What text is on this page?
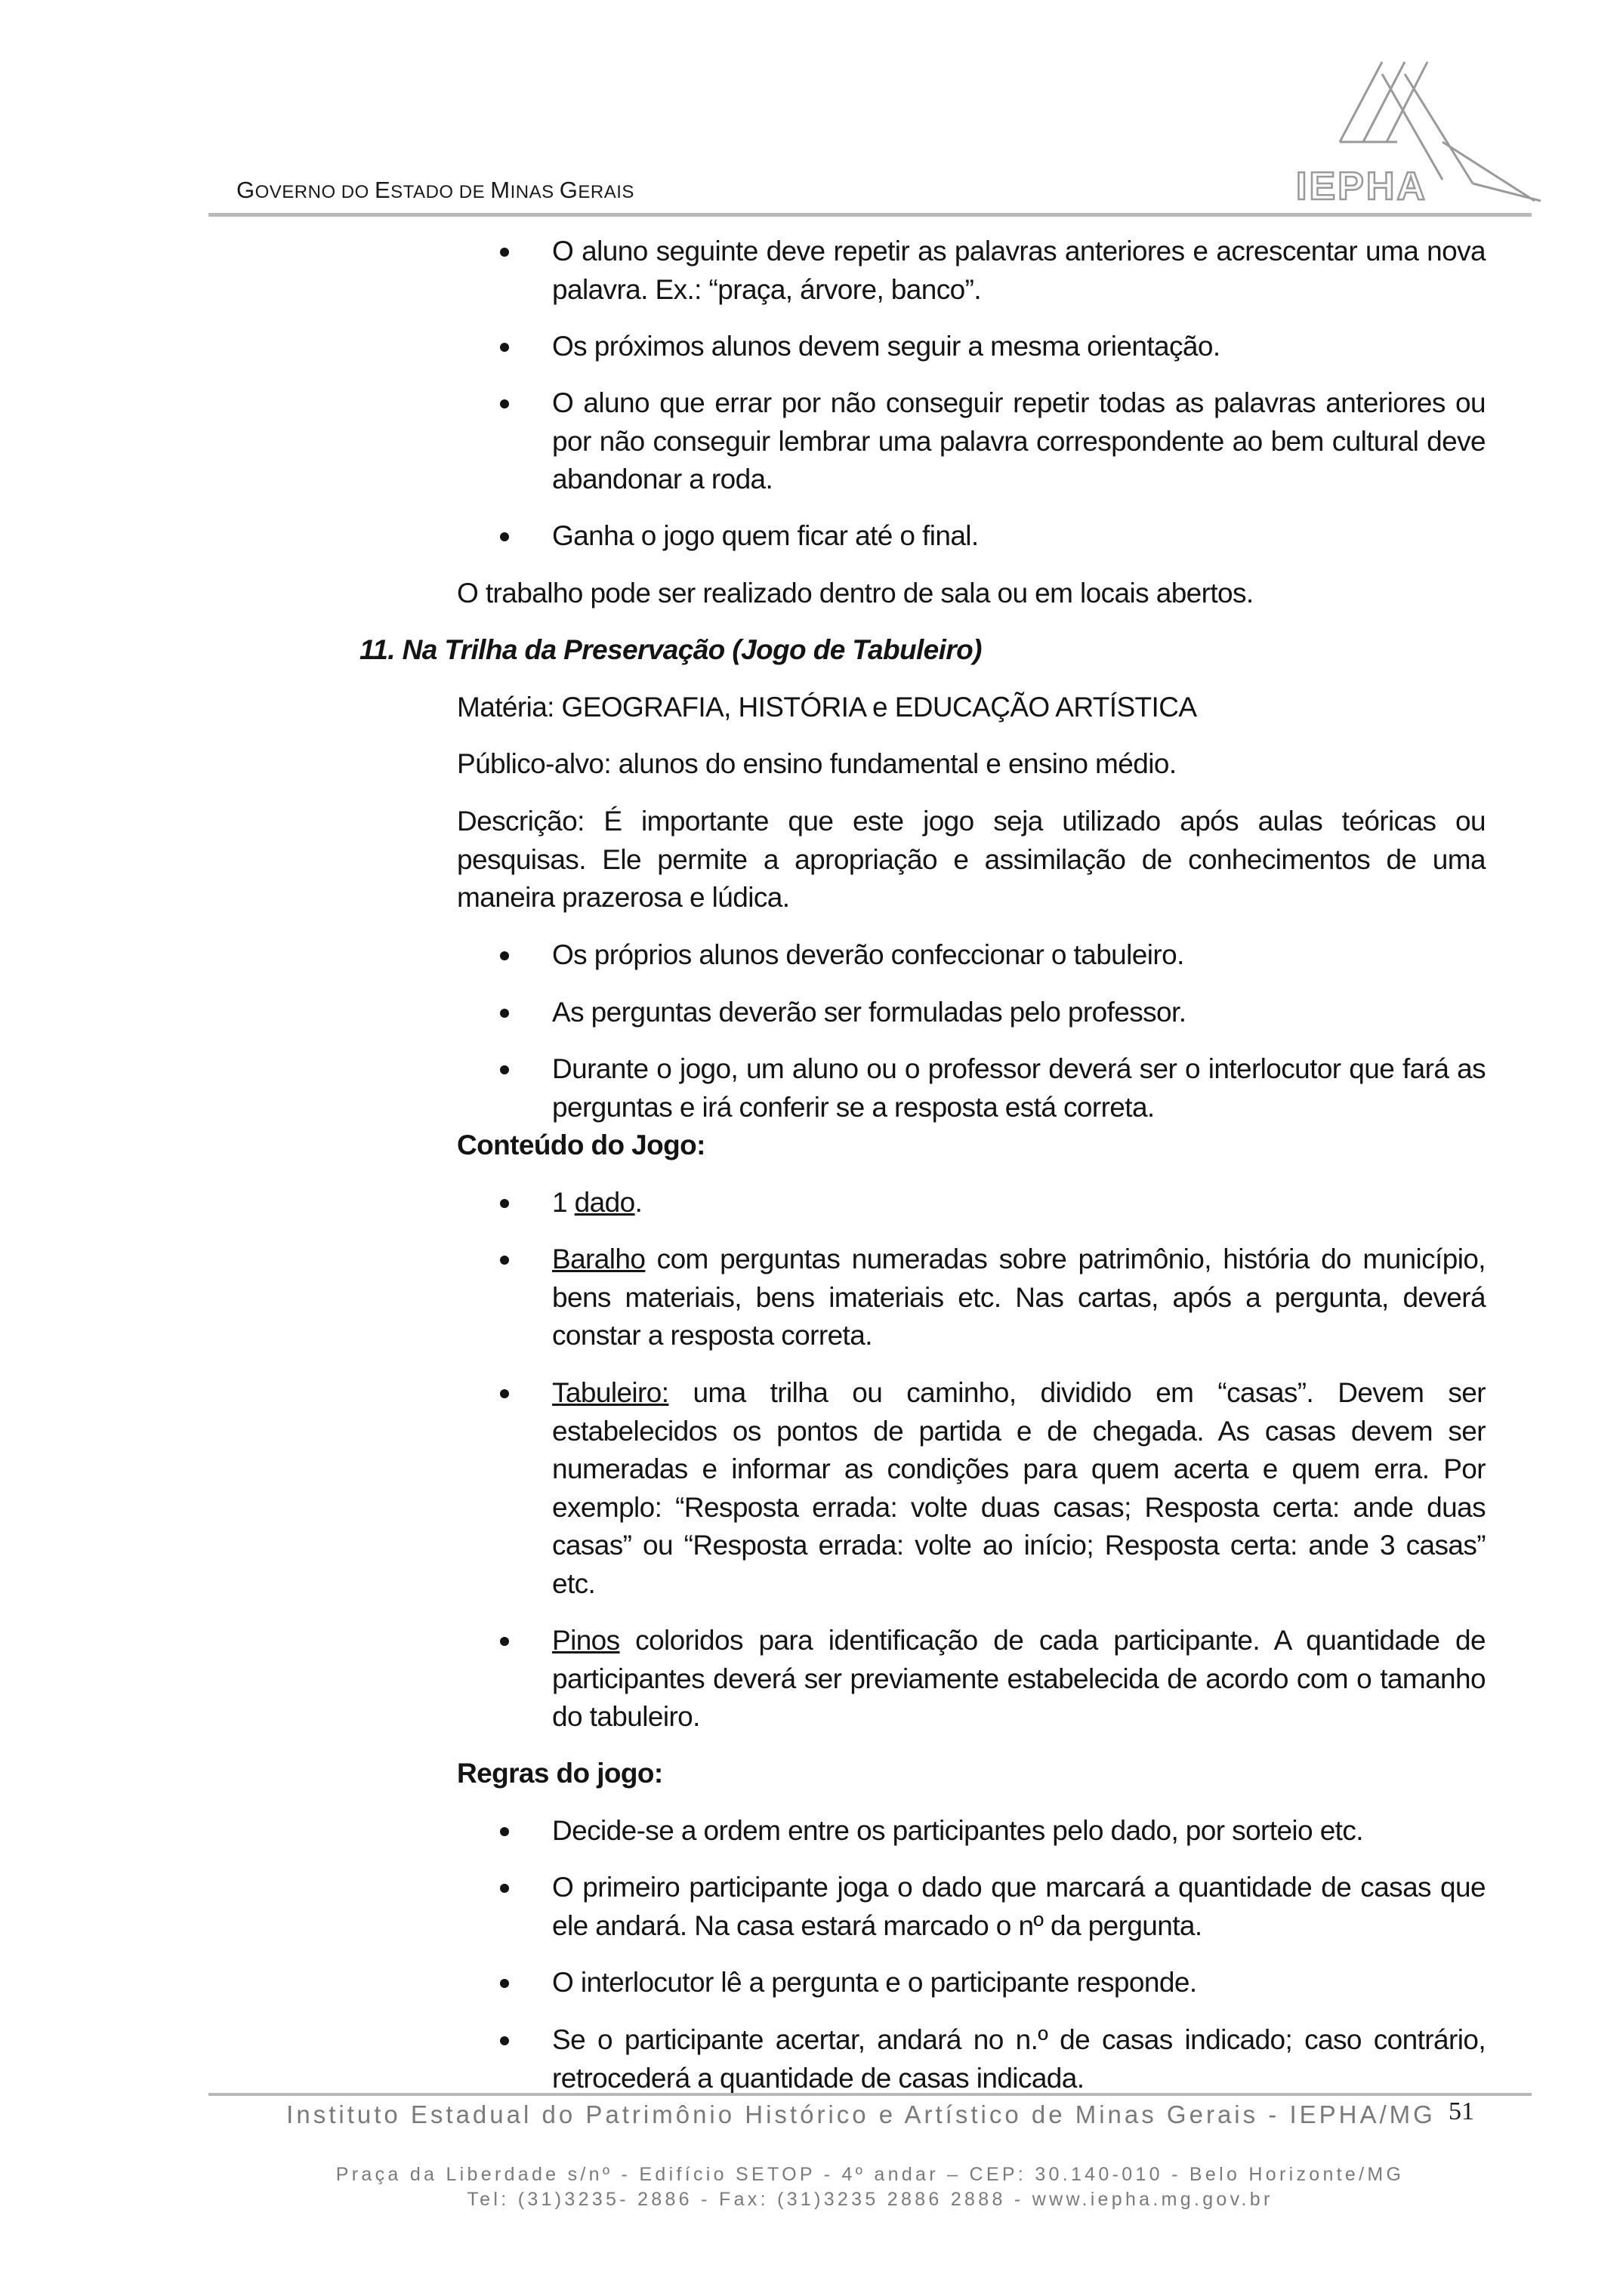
GOVERNO DO ESTADO DE MINAS GERAIS	IEPHA

O aluno seguinte deve repetir as palavras anteriores e acrescentar uma nova palavra. Ex.: “praça, árvore, banco”.

Os próximos alunos devem seguir a mesma orientação.

O aluno que errar por não conseguir repetir todas as palavras anteriores ou por não conseguir lembrar uma palavra correspondente ao bem cultural deve abandonar a roda.

Ganha o jogo quem ficar até o final.

O trabalho pode ser realizado dentro de sala ou em locais abertos.

11. Na Trilha da Preservação (Jogo de Tabuleiro)

Matéria: GEOGRAFIA, HISTÓRIA e EDUCAÇÃO ARTÍSTICA

Público-alvo: alunos do ensino fundamental e ensino médio.

Descrição: É importante que este jogo seja utilizado após aulas teóricas ou pesquisas. Ele permite a apropriação e assimilação de conhecimentos de uma maneira prazerosa e lúdica.

Os próprios alunos deverão confeccionar o tabuleiro.

As perguntas deverão ser formuladas pelo professor.

Durante o jogo, um aluno ou o professor deverá ser o interlocutor que fará as perguntas e irá conferir se a resposta está correta.

Conteúdo do Jogo:

1 dado.

Baralho com perguntas numeradas sobre patrimônio, história do município, bens materiais, bens imateriais etc. Nas cartas, após a pergunta, deverá constar a resposta correta.

Tabuleiro: uma trilha ou caminho, dividido em “casas”. Devem ser estabelecidos os pontos de partida e de chegada. As casas devem ser numeradas e informar as condições para quem acerta e quem erra. Por exemplo: “Resposta errada: volte duas casas; Resposta certa: ande duas casas” ou “Resposta errada: volte ao início; Resposta certa: ande 3 casas” etc.

Pinos coloridos para identificação de cada participante. A quantidade de participantes deverá ser previamente estabelecida de acordo com o tamanho do tabuleiro.

Regras do jogo:

Decide-se a ordem entre os participantes pelo dado, por sorteio etc.

O primeiro participante joga o dado que marcará a quantidade de casas que ele andará. Na casa estará marcado o nº da pergunta.

O interlocutor lê a pergunta e o participante responde.

Se o participante acertar, andará no n.º de casas indicado; caso contrário, retrocederá a quantidade de casas indicada.

Instituto Estadual do Patrimônio Histórico e Artístico de Minas Gerais - IEPHA/MG
Praça da Liberdade s/nº - Edifício SETOP - 4º andar – CEP: 30.140-010 - Belo Horizonte/MG
Tel: (31)3235- 2886 - Fax: (31)3235 2886 2888 - www.iepha.mg.gov.br
51
